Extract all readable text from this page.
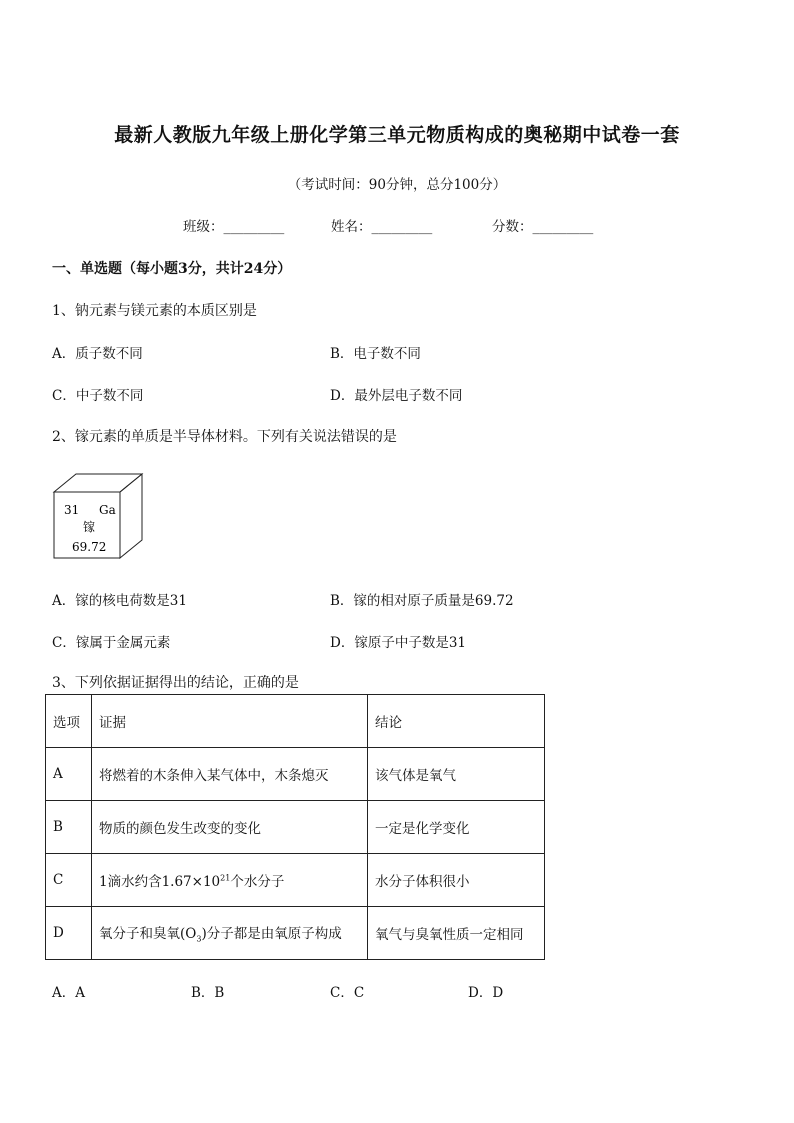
最新人教版九年级上册化学第三单元物质构成的奥秘期中试卷一套
（考试时间：90分钟，总分100分）
班级：_________	姓名：_________	分数：_________
一、单选题（每小题3分，共计24分）
1、钠元素与镁元素的本质区别是
A．质子数不同	B．电子数不同
C．中子数不同	D．最外层电子数不同
2、镓元素的单质是半导体材料。下列有关说法错误的是
31 Ga
镓
69.72
A．镓的核电荷数是31	B．镓的相对原子质量是69.72
C．镓属于金属元素	D．镓原子中子数是31
3、下列依据证据得出的结论，正确的是
选项	证据	结论
A	将燃着的木条伸入某气体中，木条熄灭	该气体是氧气
B	物质的颜色发生改变的变化	一定是化学变化
C	1滴水约含$1.67\times 10^{21}$个水分子	水分子体积很小
D	氧分子和臭氧$(O_3)$分子都是由氧原子构成	氧气与臭氧性质一定相同
A．A	B．B	C．C	D．D
